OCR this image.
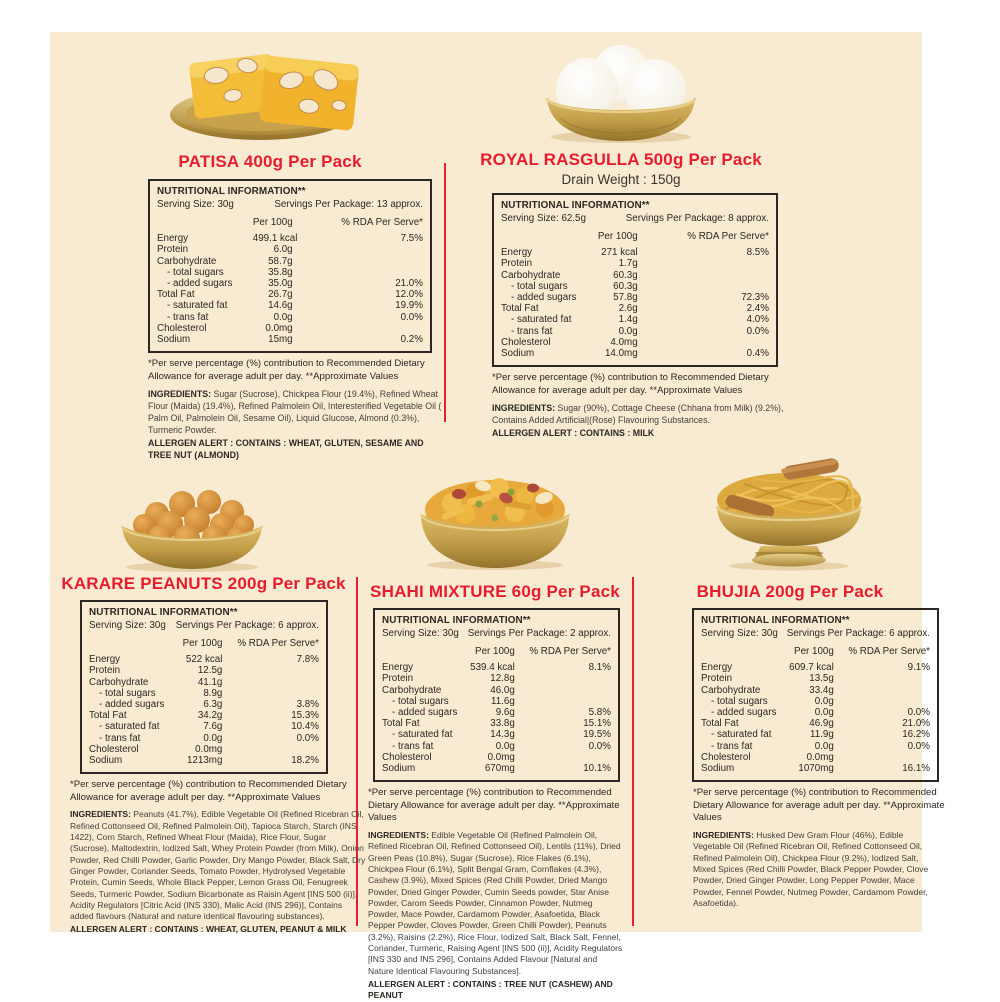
PATISA 400g Per Pack
NUTRITIONAL INFORMATION**
Serving Size: 30g	Servings Per Package: 13 approx.
Per 100g	% RDA Per Serve*
Energy	499.1 kcal	7.5%
Protein	6.0g
Carbohydrate	58.7g
- total sugars	35.8g
- added sugars	35.0g	21.0%
Total Fat	26.7g	12.0%
- saturated fat	14.6g	19.9%
- trans fat	0.0g	0.0%
Cholesterol	0.0mg
Sodium	15mg	0.2%

*Per serve percentage (%) contribution to Recommended Dietary Allowance for average adult per day. **Approximate Values

INGREDIENTS: Sugar (Sucrose), Chickpea Flour (19.4%), Refined Wheat Flour (Maida) (19.4%), Refined Palmolein Oil, Interesterified Vegetable Oil ( Palm Oil, Palmolein Oil, Sesame Oil), Liquid Glucose, Almond (0.3%), Turmeric Powder.

ALLERGEN ALERT : CONTAINS : WHEAT, GLUTEN, SESAME AND TREE NUT (ALMOND)

ROYAL RASGULLA 500g Per Pack

Drain Weight : 150g

NUTRITIONAL INFORMATION**
Serving Size: 62.5g	Servings Per Package: 8 approx.
Per 100g	% RDA Per Serve*
Energy	271 kcal	8.5%
Protein	1.7g
Carbohydrate	60.3g
- total sugars	60.3g
- added sugars	57.8g	72.3%
Total Fat	2.6g	2.4%
- saturated fat	1.4g	4.0%
- trans fat	0.0g	0.0%
Cholesterol	4.0mg
Sodium	14.0mg	0.4%

*Per serve percentage (%) contribution to Recommended Dietary Allowance for average adult per day. **Approximate Values

INGREDIENTS: Sugar (90%), Cottage Cheese (Chhana from Milk) (9.2%), Contains Added Artificial|(Rose) Flavouring Substances.

ALLERGEN ALERT : CONTAINS : MILK

KARARE PEANUTS 200g Per Pack
NUTRITIONAL INFORMATION**
Serving Size: 30g Servings Per Package: 6 approx.
Per 100g	% RDA Per Serve*
Energy	522 kcal	7.8%
Protein	12.5g
Carbohydrate	41.1g
- total sugars	8.9g
- added sugars	6.3g	3.8%
Total Fat	34.2g	15.3%
- saturated fat	7.6g	10.4%
- trans fat	0.0g	0.0%
Cholesterol	0.0mg
Sodium	1213mg	18.2%

*Per serve percentage (%) contribution to Recommended Dietary Allowance for average adult per day. **Approximate Values

INGREDIENTS: Peanuts (41.7%), Edible Vegetable Oil (Refined Ricebran Oil, Refined Cottonseed Oil, Refined Palmolein Oil), Tapioca Starch, Starch (INS 1422), Corn Starch, Refined Wheat Flour (Maida), Rice Flour, Sugar (Sucrose), Maltodextrin, Iodized Salt, Whey Protein Powder (from Milk), Onion Powder, Red Chilli Powder, Garlic Powder, Dry Mango Powder, Black Salt, Dry Ginger Powder, Coriander Seeds, Tomato Powder, Hydrolysed Vegetable Protein, Cumin Seeds, Whole Black Pepper, Lemon Grass Oil, Fenugreek Seeds, Turmeric Powder, Sodium Bicarbonate as Raisin Agent [INS 500 (ii)], Acidity Regulators [Citric Acid (INS 330), Malic Acid (INS 296)], Contains added flavours (Natural and nature identical flavouring substances).

ALLERGEN ALERT : CONTAINS : WHEAT, GLUTEN, PEANUT & MILK

SHAHI MIXTURE 60g Per Pack
NUTRITIONAL INFORMATION**
Serving Size: 30g Servings Per Package: 2 approx.
Per 100g	% RDA Per Serve*
Energy	539.4 kcal	8.1%
Protein	12.8g
Carbohydrate	46.0g
- total sugars	11.6g
- added sugars	9.6g	5.8%
Total Fat	33.8g	15.1%
- saturated fat	14.3g	19.5%
- trans fat	0.0g	0.0%
Cholesterol	0.0mg
Sodium	670mg	10.1%

*Per serve percentage (%) contribution to Recommended Dietary Allowance for average adult per day. **Approximate Values

INGREDIENTS: Edible Vegetable Oil (Refined Palmolein Oil, Refined Ricebran Oil, Refined Cottonseed Oil), Lentils (11%), Dried Green Peas (10.8%), Sugar (Sucrose), Rice Flakes (6.1%), Chickpea Flour (6.1%), Split Bengal Gram, Cornflakes (4.3%), Cashew (3.9%), Mixed Spices (Red Chilli Powder, Dried Mango Powder, Dried Ginger Powder, Cumin Seeds powder, Star Anise Powder, Carom Seeds Powder, Cinnamon Powder, Nutmeg Powder, Mace Powder, Cardamom Powder, Asafoetida, Black Pepper Powder, Cloves Powder, Green Chilli Powder), Peanuts (3.2%), Raisins (2.2%), Rice Flour, Iodized Salt, Black Salt, Fennel, Coriander, Turmeric, Raising Agent [INS 500 (ii)], Acidity Regulators [INS 330 and INS 296], Contains Added Flavour [Natural and Nature Identical Flavouring Substances].

ALLERGEN ALERT : CONTAINS : TREE NUT (CASHEW) AND PEANUT

BHUJIA 200g Per Pack
NUTRITIONAL INFORMATION**
Serving Size: 30g Servings Per Package: 6 approx.
Per 100g	% RDA Per Serve*
Energy	609.7 kcal	9.1%
Protein	13.5g
Carbohydrate	33.4g
- total sugars	0.0g
- added sugars	0.0g	0.0%
Total Fat	46.9g	21.0%
- saturated fat	11.9g	16.2%
- trans fat	0.0g	0.0%
Cholesterol	0.0mg
Sodium	1070mg	16.1%

*Per serve percentage (%) contribution to Recommended Dietary Allowance for average adult per day. **Approximate Values

INGREDIENTS: Husked Dew Gram Flour (46%), Edible Vegetable Oil (Refined Ricebran Oil, Refined Cottonseed Oil, Refined Palmolein Oil), Chickpea Flour (9.2%), Iodized Salt, Mixed Spices (Red Chilli Powder, Black Pepper Powder, Clove Powder, Dried Ginger Powder, Long Pepper Powder, Mace Powder, Fennel Powder, Nutmeg Powder, Cardamom Powder, Asafoetida).
